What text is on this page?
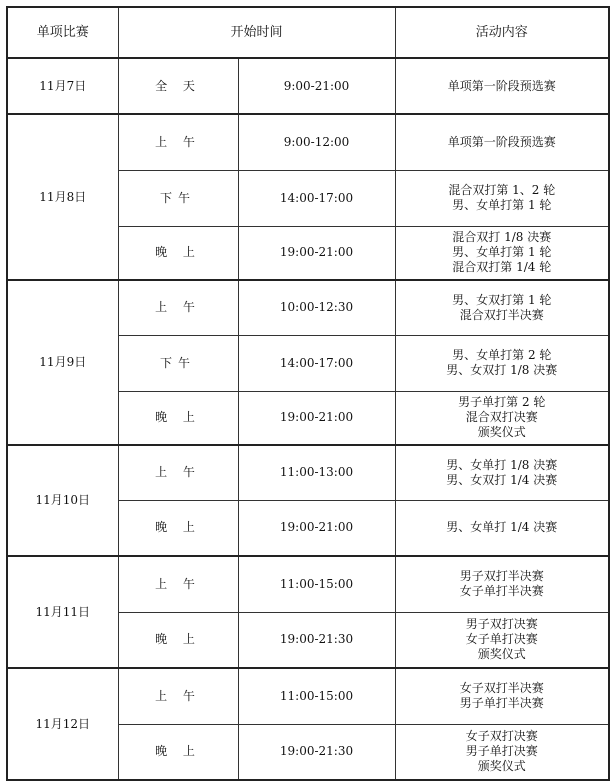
单项比赛	开始时间		活动内容
11月7日	全 天	9:00-21:00	单项第一阶段预选赛

11月8日	上 午	9:00-12:00	单项第一阶段预选赛

	下午	14:00-17:00	混合双打第 1、2 轮
男、女单打第 1 轮

	晚 上	19:00-21:00	混合双打 1/8 决赛
男、女单打第 1 轮
混合双打第 1/4 轮

11月9日	上 午	10:00-12:30	男、女双打第 1 轮
混合双打半决赛

	下午	14:00-17:00	男、女单打第 2 轮
男、女双打 1/8 决赛

	晚 上	19:00-21:00	男子单打第 2 轮
混合双打决赛
颁奖仪式

11月10日	上 午	11:00-13:00	男、女单打 1/8 决赛
男、女双打 1/4 决赛

	晚 上	19:00-21:00	男、女单打 1/4 决赛

11月11日	上 午	11:00-15:00	男子双打半决赛
女子单打半决赛

	晚 上	19:00-21:30	男子双打决赛
女子单打决赛
颁奖仪式

11月12日	上 午	11:00-15:00	女子双打半决赛
男子单打半决赛

	晚 上	19:00-21:30	女子双打决赛
男子单打决赛
颁奖仪式
